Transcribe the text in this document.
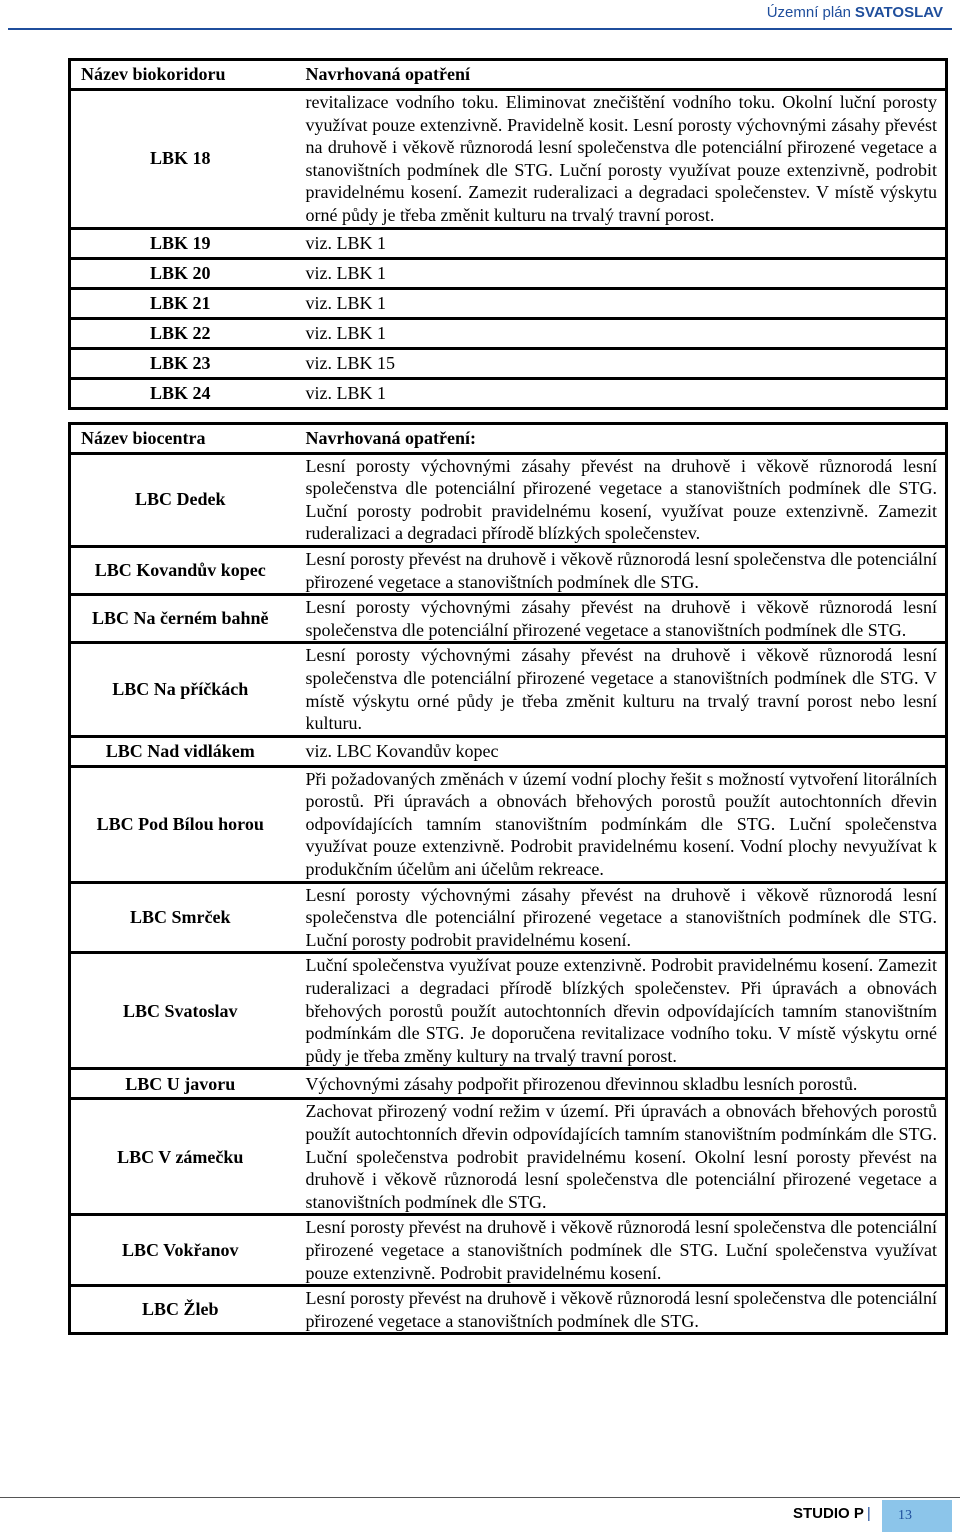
Územní plán SVATOSLAV
Název biokoridoru	Navrhovaná opatření
LBK 18	revitalizace vodního toku. Eliminovat znečištění vodního toku. Okolní luční porosty využívat pouze extenzivně. Pravidelně kosit. Lesní porosty výchovnými zásahy převést na druhově i věkově různorodá lesní společenstva dle potenciální přirozené vegetace a stanovištních podmínek dle STG. Luční porosty využívat pouze extenzivně, podrobit pravidelnému kosení. Zamezit ruderalizaci a degradaci společenstev. V místě výskytu orné půdy je třeba změnit kulturu na trvalý travní porost.
LBK 19	viz. LBK 1
LBK 20	viz. LBK 1
LBK 21	viz. LBK 1
LBK 22	viz. LBK 1
LBK 23	viz. LBK 15
LBK 24	viz. LBK 1
Název biocentra	Navrhovaná opatření:
LBC Dedek	Lesní porosty výchovnými zásahy převést na druhově i věkově různorodá lesní společenstva dle potenciální přirozené vegetace a stanovištních podmínek dle STG. Luční porosty podrobit pravidelnému kosení, využívat pouze extenzivně. Zamezit ruderalizaci a degradaci přírodě blízkých společenstev.
LBC Kovandův kopec	Lesní porosty převést na druhově i věkově různorodá lesní společenstva dle potenciální přirozené vegetace a stanovištních podmínek dle STG.
LBC Na černém bahně	Lesní porosty výchovnými zásahy převést na druhově i věkově různorodá lesní společenstva dle potenciální přirozené vegetace a stanovištních podmínek dle STG.
LBC Na příčkách	Lesní porosty výchovnými zásahy převést na druhově i věkově různorodá lesní společenstva dle potenciální přirozené vegetace a stanovištních podmínek dle STG. V místě výskytu orné půdy je třeba změnit kulturu na trvalý travní porost nebo lesní kulturu.
LBC Nad vidlákem	viz. LBC Kovandův kopec
LBC Pod Bílou horou	Při požadovaných změnách v území vodní plochy řešit s možností vytvoření litorálních porostů. Při úpravách a obnovách břehových porostů použít autochtonních dřevin odpovídajících tamním stanovištním podmínkám dle STG. Luční společenstva využívat pouze extenzivně. Podrobit pravidelnému kosení. Vodní plochy nevyužívat k produkčním účelům ani účelům rekreace.
LBC Smrček	Lesní porosty výchovnými zásahy převést na druhově i věkově různorodá lesní společenstva dle potenciální přirozené vegetace a stanovištních podmínek dle STG. Luční porosty podrobit pravidelnému kosení.
LBC Svatoslav	Luční společenstva využívat pouze extenzivně. Podrobit pravidelnému kosení. Zamezit ruderalizaci a degradaci přírodě blízkých společenstev. Při úpravách a obnovách břehových porostů použít autochtonních dřevin odpovídajících tamním stanovištním podmínkám dle STG. Je doporučena revitalizace vodního toku. V místě výskytu orné půdy je třeba změny kultury na trvalý travní porost.
LBC U javoru	Výchovnými zásahy podpořit přirozenou dřevinnou skladbu lesních porostů.
LBC V zámečku	Zachovat přirozený vodní režim v území. Při úpravách a obnovách břehových porostů použít autochtonních dřevin odpovídajících tamním stanovištním podmínkám dle STG. Luční společenstva podrobit pravidelnému kosení. Okolní lesní porosty převést na druhově i věkově různorodá lesní společenstva dle potenciální přirozené vegetace a stanovištních podmínek dle STG.
LBC Vokřanov	Lesní porosty převést na druhově i věkově různorodá lesní společenstva dle potenciální přirozené vegetace a stanovištních podmínek dle STG. Luční společenstva využívat pouze extenzivně. Podrobit pravidelnému kosení.
LBC Žleb	Lesní porosty převést na druhově i věkově různorodá lesní společenstva dle potenciální přirozené vegetace a stanovištních podmínek dle STG.
STUDIO P |	13
